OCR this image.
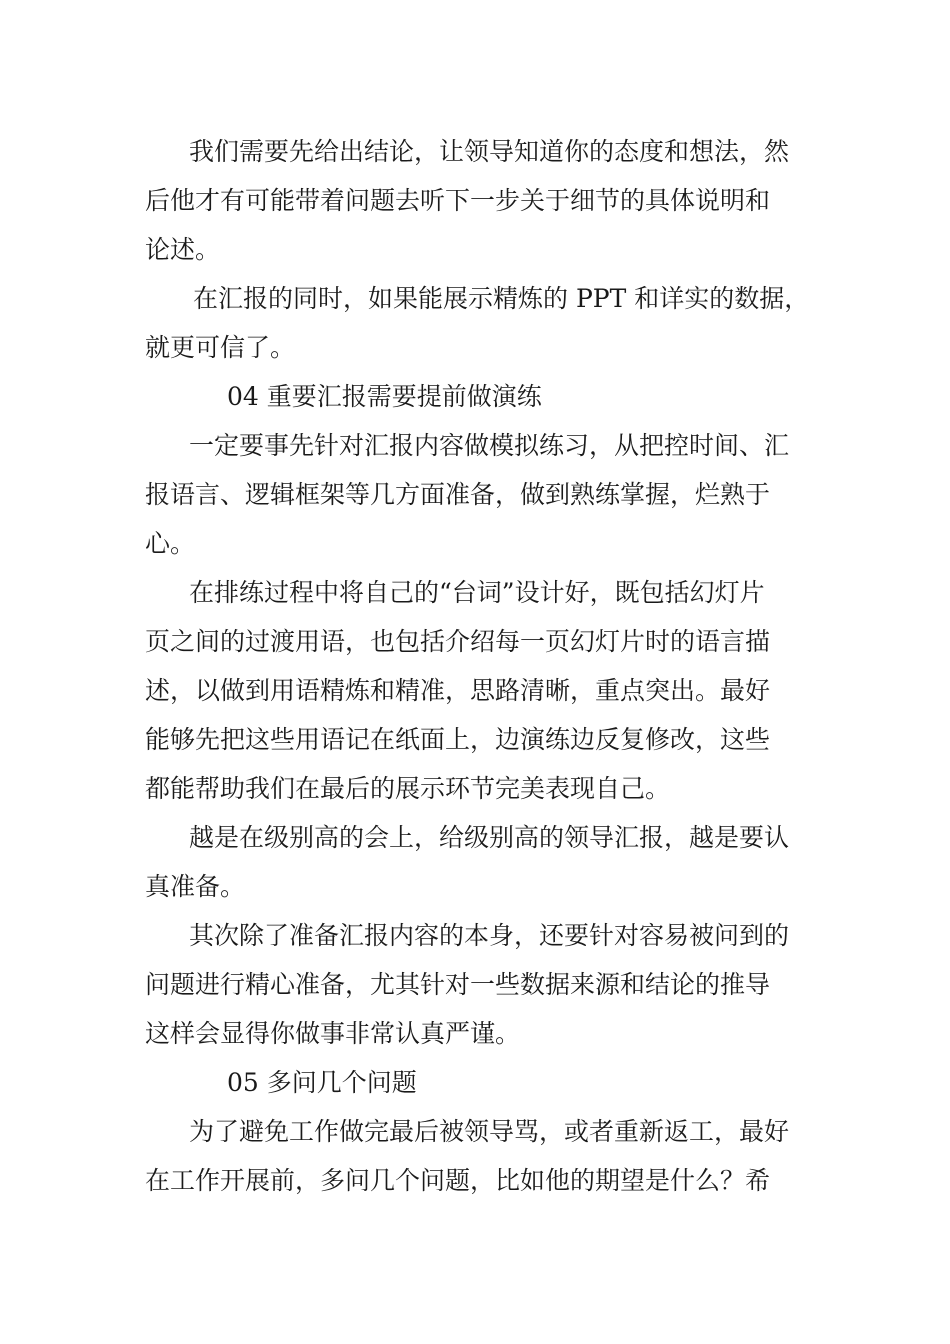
我们需要先给出结论，让领导知道你的态度和想法，然
后他才有可能带着问题去听下一步关于细节的具体说明和
论述。
在汇报的同时，如果能展示精炼的 PPT 和详实的数据，
就更可信了。
04 重要汇报需要提前做演练
一定要事先针对汇报内容做模拟练习，从把控时间、汇
报语言、逻辑框架等几方面准备，做到熟练掌握，烂熟于
心。
在排练过程中将自己的“台词”设计好，既包括幻灯片
页之间的过渡用语，也包括介绍每一页幻灯片时的语言描
述，以做到用语精炼和精准，思路清晰，重点突出。最好
能够先把这些用语记在纸面上，边演练边反复修改，这些
都能帮助我们在最后的展示环节完美表现自己。
越是在级别高的会上，给级别高的领导汇报，越是要认
真准备。
其次除了准备汇报内容的本身，还要针对容易被问到的
问题进行精心准备，尤其针对一些数据来源和结论的推导
这样会显得你做事非常认真严谨。
05 多问几个问题
为了避免工作做完最后被领导骂，或者重新返工，最好
在工作开展前，多问几个问题，比如他的期望是什么？希
